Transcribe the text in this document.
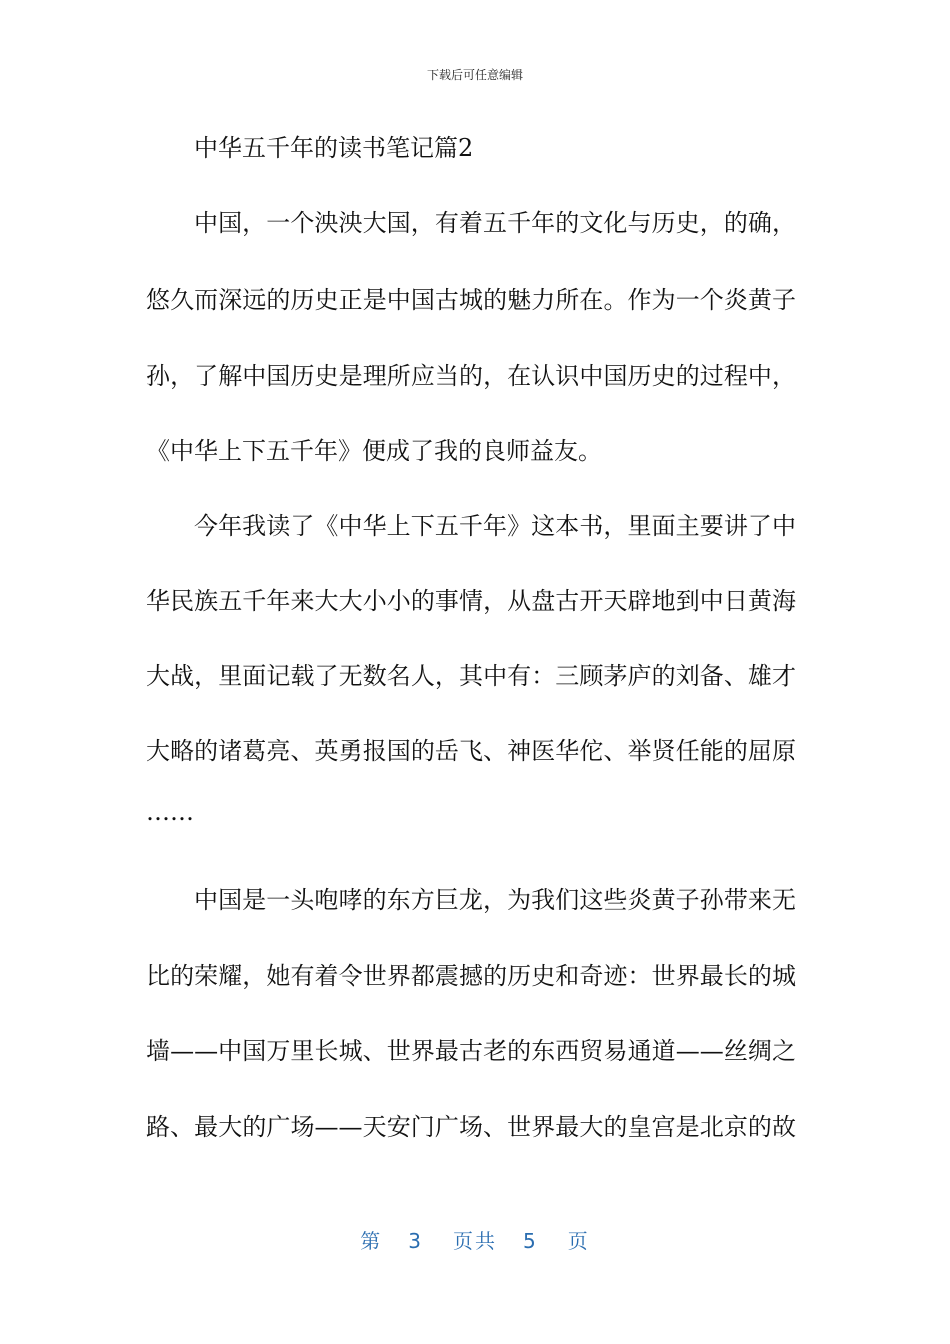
下载后可任意编辑
中华五千年的读书笔记篇2
中国，一个泱泱大国，有着五千年的文化与历史，的确，
悠久而深远的历史正是中国古城的魅力所在。作为一个炎黄子
孙，了解中国历史是理所应当的，在认识中国历史的过程中，
《中华上下五千年》便成了我的良师益友。
今年我读了《中华上下五千年》这本书，里面主要讲了中
华民族五千年来大大小小的事情，从盘古开天辟地到中日黄海
大战，里面记载了无数名人，其中有：三顾茅庐的刘备、雄才
大略的诸葛亮、英勇报国的岳飞、神医华佗、举贤任能的屈原
……
中国是一头咆哮的东方巨龙，为我们这些炎黄子孙带来无
比的荣耀，她有着令世界都震撼的历史和奇迹：世界最长的城
墙——中国万里长城、世界最古老的东西贸易通道——丝绸之
路、最大的广场——天安门广场、世界最大的皇宫是北京的故
第 3 页共 5 页
